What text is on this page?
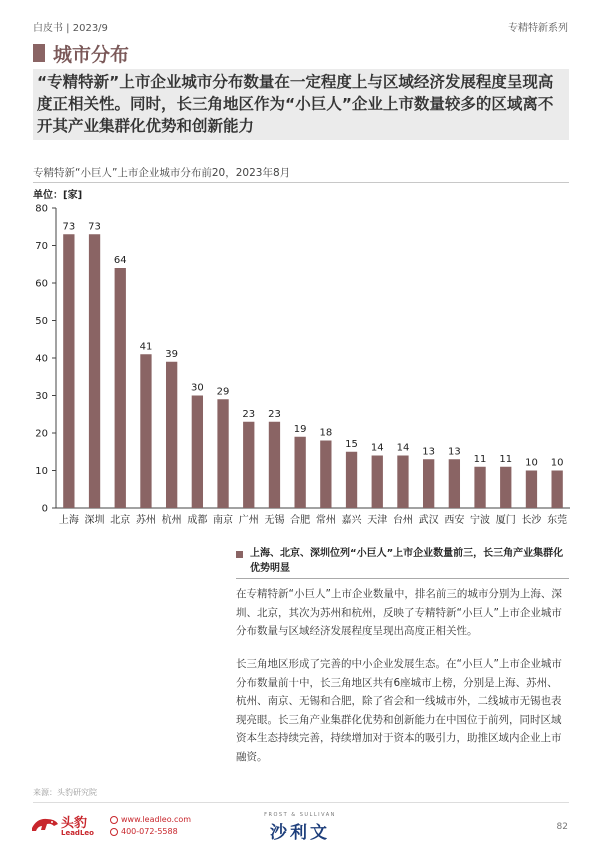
白皮书 | 2023/9	专精特新系列
城市分布
“专精特新”上市企业城市分布数量在一定程度上与区域经济发展程度呈现高度正相关性。同时，长三角地区作为“小巨人”企业上市数量较多的区域离不开其产业集群化优势和创新能力
专精特新“小巨人”上市企业城市分布前20，2023年8月
单位：[家]
0
10
20
30
40
50
60
70
80
73
上海
73
深圳
64
北京
41
苏州
39
杭州
30
成都
29
南京
23
广州
23
无锡
19
合肥
18
常州
15
嘉兴
14
天津
14
台州
13
武汉
13
西安
11
宁波
11
厦门
10
长沙
10
东莞
上海、北京、深圳位列“小巨人”上市企业数量前三，长三角产业集群化优势明显
在专精特新“小巨人”上市企业数量中，排名前三的城市分别为上海、深圳、北京，其次为苏州和杭州，反映了专精特新“小巨人”上市企业城市分布数量与区域经济发展程度呈现出高度正相关性。
长三角地区形成了完善的中小企业发展生态。在“小巨人”上市企业城市分布数量前十中，长三角地区共有6座城市上榜，分别是上海、苏州、杭州、南京、无锡和合肥，除了省会和一线城市外，二线城市无锡也表现亮眼。长三角产业集群化优势和创新能力在中国位于前列，同时区域资本生态持续完善，持续增加对于资本的吸引力，助推区域内企业上市融资。
来源：头豹研究院
头豹
LeadLeo
www.leadleo.com
400-072-5588
FROST & SULLIVAN
沙利文	82
